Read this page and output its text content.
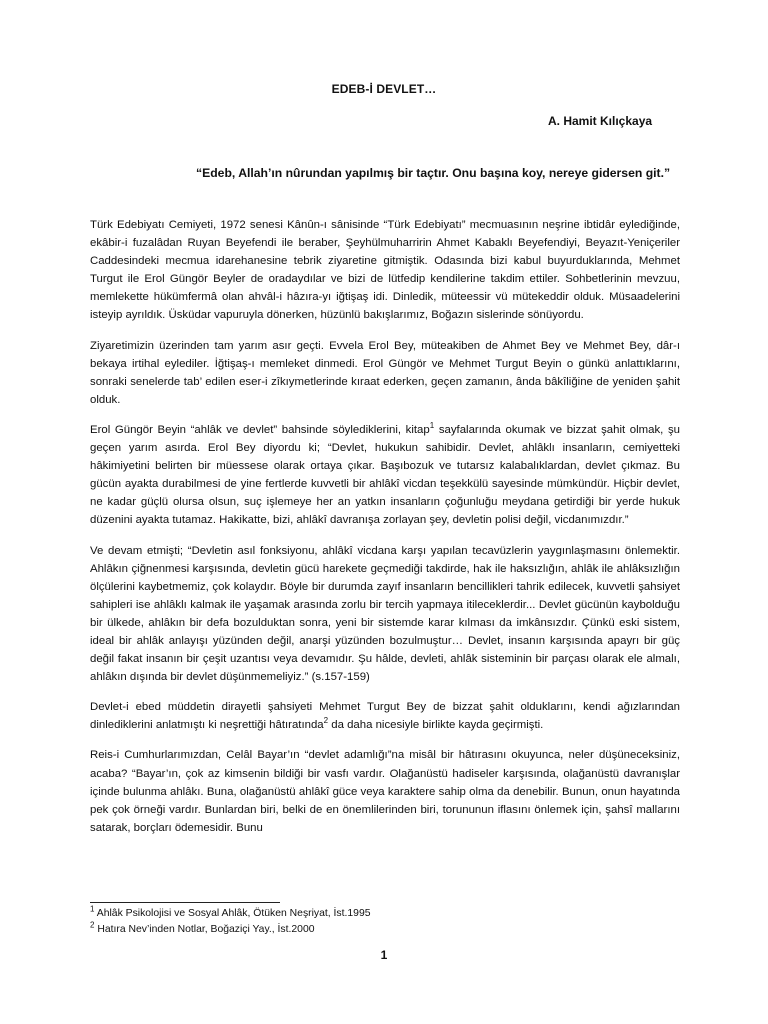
EDEB-İ DEVLET…
A. Hamit Kılıçkaya
“Edeb, Allah’ın nûrundan yapılmış bir taçtır. Onu başına koy, nereye gidersen git.”

Türk Edebiyatı Cemiyeti, 1972 senesi Kânûn-ı sânisinde “Türk Edebiyatı” mecmuasının neşrine ibtidâr eylediğinde, ekâbir-i fuzalâdan Ruyan Beyefendi ile beraber, Şeyhülmuharririn Ahmet Kabaklı Beyefendiyi, Beyazıt-Yeniçeriler Caddesindeki mecmua idarehanesine tebrik ziyaretine gitmiştik. Odasında bizi kabul buyurduklarında, Mehmet Turgut ile Erol Güngör Beyler de oradaydılar ve bizi de lütfedip kendilerine takdim ettiler. Sohbetlerinin mevzuu, memlekette hükümfermâ olan ahvâl-i hâzıra-yı iğtişaş idi. Dinledik, müteessir vü mütekeddir olduk. Müsaadelerini isteyip ayrıldık. Üsküdar vapuruyla dönerken, hüzünlü bakışlarımız, Boğazın sislerinde sönüyordu.

Ziyaretimizin üzerinden tam yarım asır geçti. Evvela Erol Bey, müteakiben de Ahmet Bey ve Mehmet Bey, dâr-ı bekaya irtihal eylediler. İğtişaş-ı memleket dinmedi. Erol Güngör ve Mehmet Turgut Beyin o günkü anlattıklarını, sonraki senelerde tab’ edilen eser-i zîkıymetlerinde kıraat ederken, geçen zamanın, ânda bâkîliğine de yeniden şahit olduk.

Erol Güngör Beyin “ahlâk ve devlet” bahsinde söylediklerini, kitap$^1$ sayfalarında okumak ve bizzat şahit olmak, şu geçen yarım asırda. Erol Bey diyordu ki; “Devlet, hukukun sahibidir. Devlet, ahlâklı insanların, cemiyetteki hâkimiyetini belirten bir müessese olarak ortaya çıkar. Başıbozuk ve tutarsız kalabalıklardan, devlet çıkmaz. Bu gücün ayakta durabilmesi de yine fertlerde kuvvetli bir ahlâkî vicdan teşekkülü sayesinde mümkündür. Hiçbir devlet, ne kadar güçlü olursa olsun, suç işlemeye her an yatkın insanların çoğunluğu meydana getirdiği bir yerde hukuk düzenini ayakta tutamaz. Hakikatte, bizi, ahlâkî davranışa zorlayan şey, devletin polisi değil, vicdanımızdır.”

Ve devam etmişti; “Devletin asıl fonksiyonu, ahlâkî vicdana karşı yapılan tecavüzlerin yaygınlaşmasını önlemektir. Ahlâkın çiğnenmesi karşısında, devletin gücü harekete geçmediği takdirde, hak ile haksızlığın, ahlâk ile ahlâksızlığın ölçülerini kaybetmemiz, çok kolaydır. Böyle bir durumda zayıf insanların bencillikleri tahrik edilecek, kuvvetli şahsiyet sahipleri ise ahlâklı kalmak ile yaşamak arasında zorlu bir tercih yapmaya itileceklerdir... Devlet gücünün kaybolduğu bir ülkede, ahlâkın bir defa bozulduktan sonra, yeni bir sistemde karar kılması da imkânsızdır. Çünkü eski sistem, ideal bir ahlâk anlayışı yüzünden değil, anarşi yüzünden bozulmuştur… Devlet, insanın karşısında apayrı bir güç değil fakat insanın bir çeşit uzantısı veya devamıdır. Şu hâlde, devleti, ahlâk sisteminin bir parçası olarak ele almalı, ahlâkın dışında bir devlet düşünmemeliyiz.” (s.157-159)

Devlet-i ebed müddetin dirayetli şahsiyeti Mehmet Turgut Bey de bizzat şahit olduklarını, kendi ağızlarından dinlediklerini anlatmıştı ki neşrettiği hâtıratında$^2$ da daha nicesiyle birlikte kayda geçirmişti.

Reis-i Cumhurlarımızdan, Celâl Bayar’ın “devlet adamlığı”na misâl bir hâtırasını okuyunca, neler düşüneceksiniz, acaba? “Bayar’ın, çok az kimsenin bildiği bir vasfı vardır. Olağanüstü hadiseler karşısında, olağanüstü davranışlar içinde bulunma ahlâkı. Buna, olağanüstü ahlâkî güce veya karaktere sahip olma da denebilir. Bunun, onun hayatında pek çok örneği vardır. Bunlardan biri, belki de en önemlilerinden biri, torununun iflasını önlemek için, şahsî mallarını satarak, borçları ödemesidir. Bunu

$^1$ Ahlâk Psikolojisi ve Sosyal Ahlâk, Ötüken Neşriyat, İst.1995
$^2$ Hatıra Nev’inden Notlar, Boğaziçi Yay., İst.2000
1
